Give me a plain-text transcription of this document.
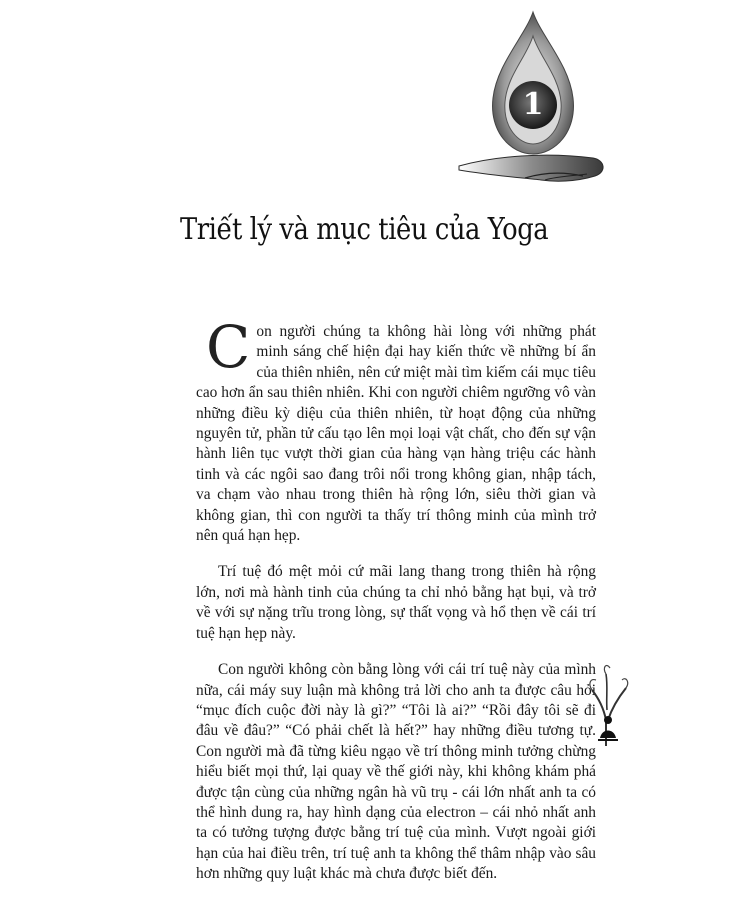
1
Triết lý và mục tiêu của Yoga

Con người chúng ta không hài lòng với những phát minh sáng chế hiện đại hay kiến thức về những bí ẩn của thiên nhiên, nên cứ miệt mài tìm kiếm cái mục tiêu cao hơn ẩn sau thiên nhiên. Khi con người chiêm ngưỡng vô vàn những điều kỳ diệu của thiên nhiên, từ hoạt động của những nguyên tử, phần tử cấu tạo lên mọi loại vật chất, cho đến sự vận hành liên tục vượt thời gian của hàng vạn hàng triệu các hành tinh và các ngôi sao đang trôi nổi trong không gian, nhập tách, va chạm vào nhau trong thiên hà rộng lớn, siêu thời gian và không gian, thì con người ta thấy trí thông minh của mình trở nên quá hạn hẹp.

Trí tuệ đó mệt mỏi cứ mãi lang thang trong thiên hà rộng lớn, nơi mà hành tinh của chúng ta chỉ nhỏ bằng hạt bụi, và trở về với sự nặng trĩu trong lòng, sự thất vọng và hổ thẹn về cái trí tuệ hạn hẹp này.

Con người không còn bằng lòng với cái trí tuệ này của mình nữa, cái máy suy luận mà không trả lời cho anh ta được câu hỏi “mục đích cuộc đời này là gì?” “Tôi là ai?” “Rồi đây tôi sẽ đi đâu về đâu?” “Có phải chết là hết?” hay những điều tương tự. Con người mà đã từng kiêu ngạo về trí thông minh tưởng chừng hiểu biết mọi thứ, lại quay về thế giới này, khi không khám phá được tận cùng của những ngân hà vũ trụ - cái lớn nhất anh ta có thể hình dung ra, hay hình dạng của electron – cái nhỏ nhất anh ta có tưởng tượng được bằng trí tuệ của mình. Vượt ngoài giới hạn của hai điều trên, trí tuệ anh ta không thể thâm nhập vào sâu hơn những quy luật khác mà chưa được biết đến.
